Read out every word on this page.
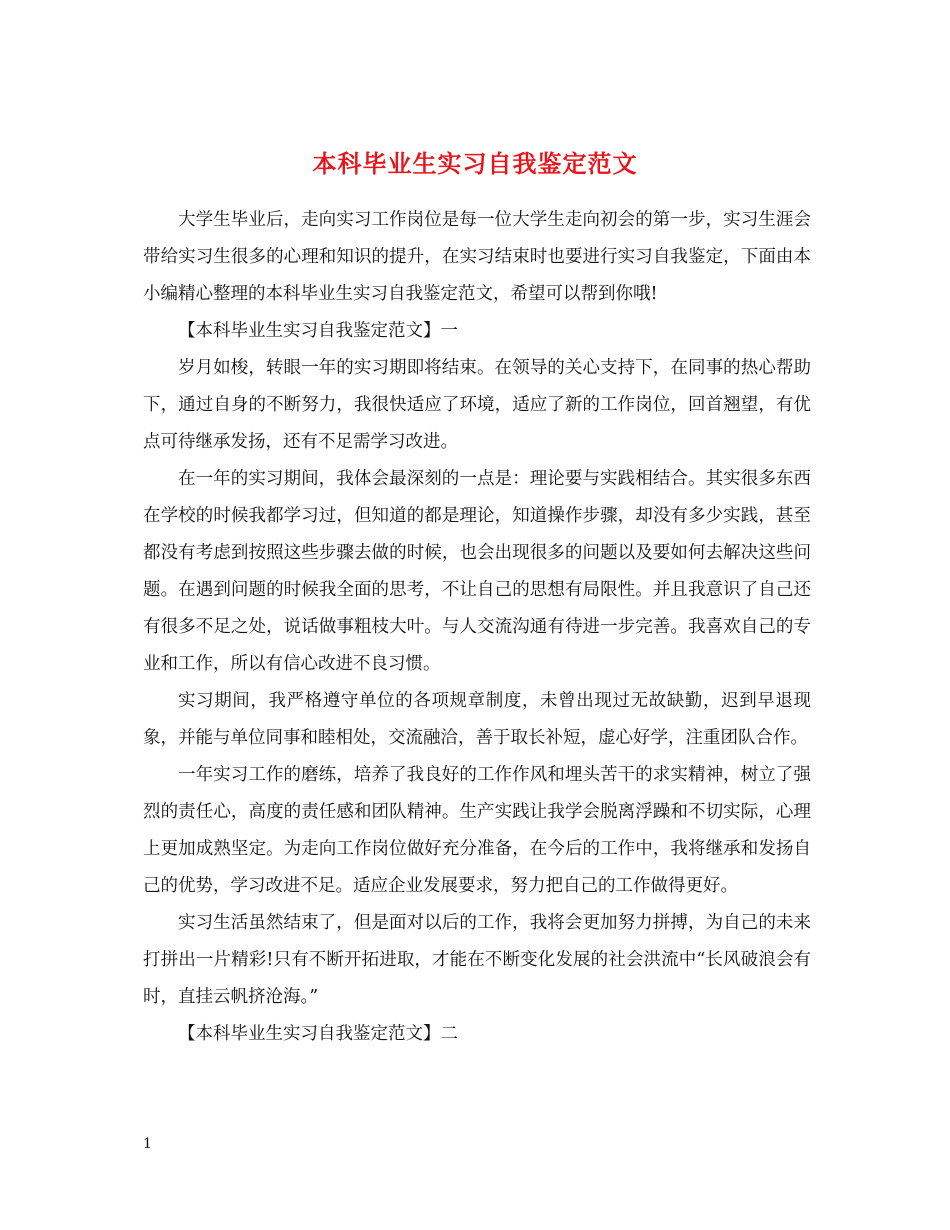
本科毕业生实习自我鉴定范文

大学生毕业后，走向实习工作岗位是每一位大学生走向初会的第一步，实习生涯会带给实习生很多的心理和知识的提升，在实习结束时也要进行实习自我鉴定，下面由本小编精心整理的本科毕业生实习自我鉴定范文，希望可以帮到你哦!

【本科毕业生实习自我鉴定范文】一

岁月如梭，转眼一年的实习期即将结束。在领导的关心支持下，在同事的热心帮助下，通过自身的不断努力，我很快适应了环境，适应了新的工作岗位，回首翘望，有优点可待继承发扬，还有不足需学习改进。

在一年的实习期间，我体会最深刻的一点是：理论要与实践相结合。其实很多东西在学校的时候我都学习过，但知道的都是理论，知道操作步骤，却没有多少实践，甚至都没有考虑到按照这些步骤去做的时候，也会出现很多的问题以及要如何去解决这些问题。在遇到问题的时候我全面的思考，不让自己的思想有局限性。并且我意识了自己还有很多不足之处，说话做事粗枝大叶。与人交流沟通有待进一步完善。我喜欢自己的专业和工作，所以有信心改进不良习惯。

实习期间，我严格遵守单位的各项规章制度，未曾出现过无故缺勤，迟到早退现象，并能与单位同事和睦相处，交流融洽，善于取长补短，虚心好学，注重团队合作。

一年实习工作的磨练，培养了我良好的工作作风和埋头苦干的求实精神，树立了强烈的责任心，高度的责任感和团队精神。生产实践让我学会脱离浮躁和不切实际，心理上更加成熟坚定。为走向工作岗位做好充分准备，在今后的工作中，我将继承和发扬自己的优势，学习改进不足。适应企业发展要求，努力把自己的工作做得更好。

实习生活虽然结束了，但是面对以后的工作，我将会更加努力拼搏，为自己的未来打拼出一片精彩!只有不断开拓进取，才能在不断变化发展的社会洪流中“长风破浪会有时，直挂云帆挤沧海。”

【本科毕业生实习自我鉴定范文】二

1
